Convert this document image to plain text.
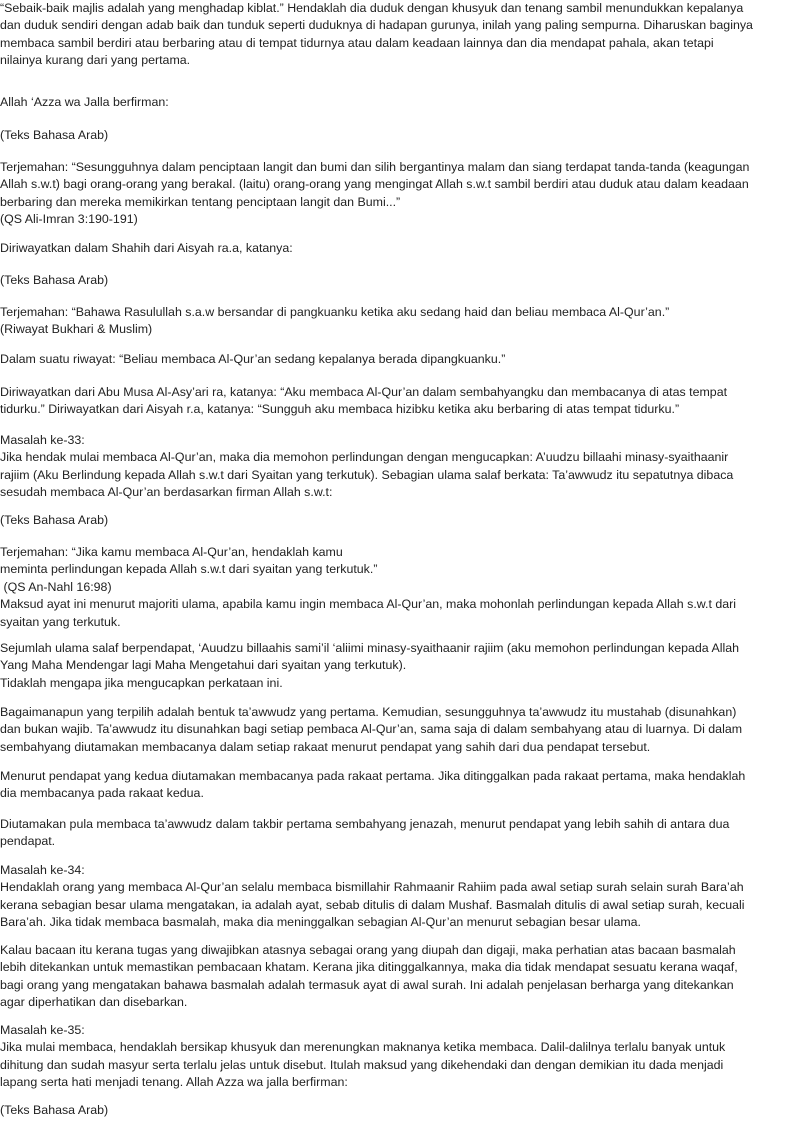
“Sebaik-baik majlis adalah yang menghadap kiblat.” Hendaklah dia duduk dengan khusyuk dan tenang sambil menundukkan kepalanya
dan duduk sendiri dengan adab baik dan tunduk seperti duduknya di hadapan gurunya, inilah yang paling sempurna. Diharuskan baginya
membaca sambil berdiri atau berbaring atau di tempat tidurnya atau dalam keadaan lainnya dan dia mendapat pahala, akan tetapi
nilainya kurang dari yang pertama.
Allah ‘Azza wa Jalla berfirman:
(Teks Bahasa Arab)
Terjemahan: “Sesungguhnya dalam penciptaan langit dan bumi dan silih bergantinya malam dan siang terdapat tanda-tanda (keagungan
Allah s.w.t) bagi orang-orang yang berakal. (laitu) orang-orang yang mengingat Allah s.w.t sambil berdiri atau duduk atau dalam keadaan
berbaring dan mereka memikirkan tentang penciptaan langit dan Bumi...”
(QS Ali-Imran 3:190-191)
Diriwayatkan dalam Shahih dari Aisyah ra.a, katanya:
(Teks Bahasa Arab)
Terjemahan: “Bahawa Rasulullah s.a.w bersandar di pangkuanku ketika aku sedang haid dan beliau membaca Al-Qur’an.”
(Riwayat Bukhari & Muslim)
Dalam suatu riwayat: “Beliau membaca Al-Qur’an sedang kepalanya berada dipangkuanku.”
Diriwayatkan dari Abu Musa Al-Asy’ari ra, katanya: “Aku membaca Al-Qur’an dalam sembahyangku dan membacanya di atas tempat
tidurku.” Diriwayatkan dari Aisyah r.a, katanya: “Sungguh aku membaca hizibku ketika aku berbaring di atas tempat tidurku.”
Masalah ke-33:
Jika hendak mulai membaca Al-Qur’an, maka dia memohon perlindungan dengan mengucapkan: A’uudzu billaahi minasy-syaithaanir
rajiim (Aku Berlindung kepada Allah s.w.t dari Syaitan yang terkutuk). Sebagian ulama salaf berkata: Ta’awwudz itu sepatutnya dibaca
sesudah membaca Al-Qur’an berdasarkan firman Allah s.w.t:
(Teks Bahasa Arab)
Terjemahan: “Jika kamu membaca Al-Qur’an, hendaklah kamu
meminta perlindungan kepada Allah s.w.t dari syaitan yang terkutuk.”
(QS An-Nahl 16:98)
Maksud ayat ini menurut majoriti ulama, apabila kamu ingin membaca Al-Qur’an, maka mohonlah perlindungan kepada Allah s.w.t dari
syaitan yang terkutuk.
Sejumlah ulama salaf berpendapat, ‘Auudzu billaahis sami’il ‘aliimi minasy-syaithaanir rajiim (aku memohon perlindungan kepada Allah
Yang Maha Mendengar lagi Maha Mengetahui dari syaitan yang terkutuk).
Tidaklah mengapa jika mengucapkan perkataan ini.
Bagaimanapun yang terpilih adalah bentuk ta’awwudz yang pertama. Kemudian, sesungguhnya ta’awwudz itu mustahab (disunahkan)
dan bukan wajib. Ta’awwudz itu disunahkan bagi setiap pembaca Al-Qur’an, sama saja di dalam sembahyang atau di luarnya. Di dalam
sembahyang diutamakan membacanya dalam setiap rakaat menurut pendapat yang sahih dari dua pendapat tersebut.
Menurut pendapat yang kedua diutamakan membacanya pada rakaat pertama. Jika ditinggalkan pada rakaat pertama, maka hendaklah
dia membacanya pada rakaat kedua.
Diutamakan pula membaca ta’awwudz dalam takbir pertama sembahyang jenazah, menurut pendapat yang lebih sahih di antara dua
pendapat.
Masalah ke-34:
Hendaklah orang yang membaca Al-Qur’an selalu membaca bismillahir Rahmaanir Rahiim pada awal setiap surah selain surah Bara’ah
kerana sebagian besar ulama mengatakan, ia adalah ayat, sebab ditulis di dalam Mushaf. Basmalah ditulis di awal setiap surah, kecuali
Bara’ah. Jika tidak membaca basmalah, maka dia meninggalkan sebagian Al-Qur’an menurut sebagian besar ulama.
Kalau bacaan itu kerana tugas yang diwajibkan atasnya sebagai orang yang diupah dan digaji, maka perhatian atas bacaan basmalah
lebih ditekankan untuk memastikan pembacaan khatam. Kerana jika ditinggalkannya, maka dia tidak mendapat sesuatu kerana waqaf,
bagi orang yang mengatakan bahawa basmalah adalah termasuk ayat di awal surah. Ini adalah penjelasan berharga yang ditekankan
agar diperhatikan dan disebarkan.
Masalah ke-35:
Jika mulai membaca, hendaklah bersikap khusyuk dan merenungkan maknanya ketika membaca. Dalil-dalilnya terlalu banyak untuk
dihitung dan sudah masyur serta terlalu jelas untuk disebut. Itulah maksud yang dikehendaki dan dengan demikian itu dada menjadi
lapang serta hati menjadi tenang. Allah Azza wa jalla berfirman:
(Teks Bahasa Arab)
